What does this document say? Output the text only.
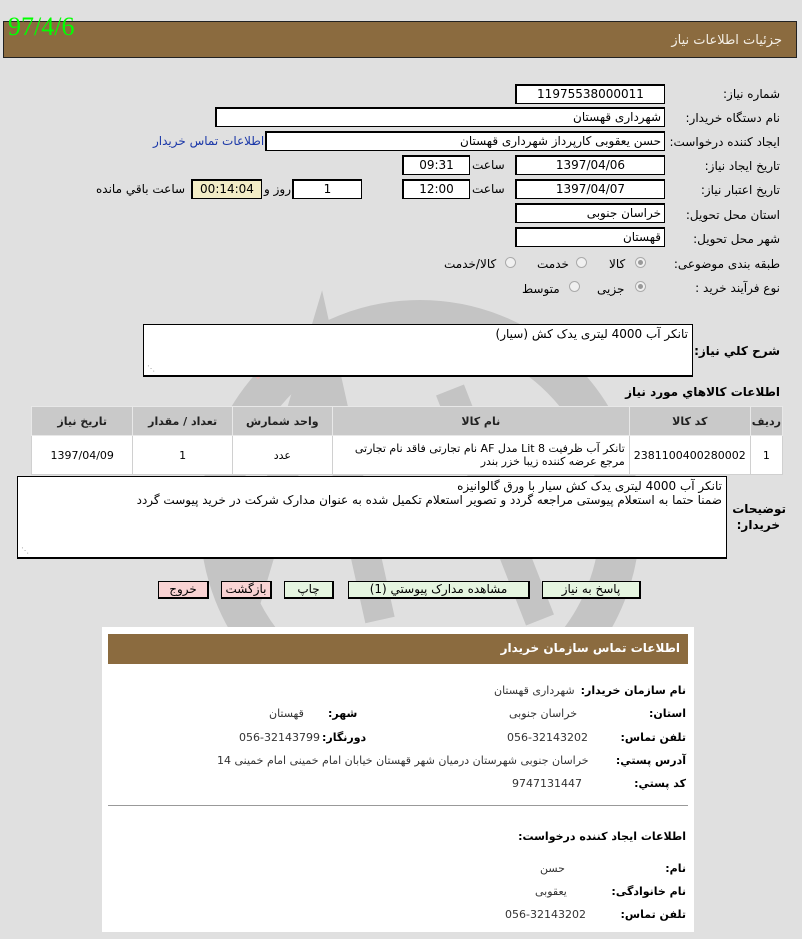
جزئیات اطلاعات نیاز
97/4/6
شماره نیاز:
11975538000011
نام دستگاه خریدار:
شهرداری قهستان
ایجاد کننده درخواست:
حسن یعقوبی کارپرداز شهرداری قهستان
اطلاعات تماس خریدار
تاریخ ایجاد نیاز:
1397/04/06
ساعت
09:31
تاریخ اعتبار نیاز:
1397/04/07
ساعت
12:00
1
روز و
00:14:04
ساعت باقي مانده
استان محل تحویل:
خراسان جنوبی
شهر محل تحویل:
قهستان
طبقه بندی موضوعی:
کالا
خدمت
کالا/خدمت
نوع فرآیند خرید :
جزیی
متوسط
شرح کلي نیاز:
تانکر آب 4000 لیتری یدک کش (سیار)
⋰
اطلاعات کالاهاي مورد نیاز
ردیف	کد کالا	نام کالا	واحد شمارش	تعداد / مقدار	تاریخ نیاز
1	2381100400280002	تانکر آب ظرفیت Lit 8 مدل AF نام تجارتی فاقد نام تجارتی مرجع عرضه کننده زیبا خزر بندر	عدد	1	1397/04/09
توضیحات
خریدار:
تانکر آب 4000 لیتری یدک کش سیار با ورق گالوانیزه
ضمنا حتما به استعلام پیوستی مراجعه گردد و تصویر استعلام تکمیل شده به عنوان مدارک شرکت در خرید پیوست گردد
⋰
پاسخ به نیاز
مشاهده مدارک پیوستي (1)
چاپ
بازگشت
خروج
اطلاعات تماس سازمان خریدار
نام سازمان خریدار:
شهرداری قهستان
استان:
خراسان جنوبی
شهر:
قهستان
تلفن تماس:
056-32143202
دورنگار:
056-32143799
آدرس پستي:
خراسان جنوبی شهرستان درمیان شهر قهستان خیابان امام خمینی امام خمینی 14
کد پستي:
9747131447
اطلاعات ایجاد کننده درخواست:
نام:
حسن
نام خانوادگی:
یعقوبی
تلفن تماس:
056-32143202
